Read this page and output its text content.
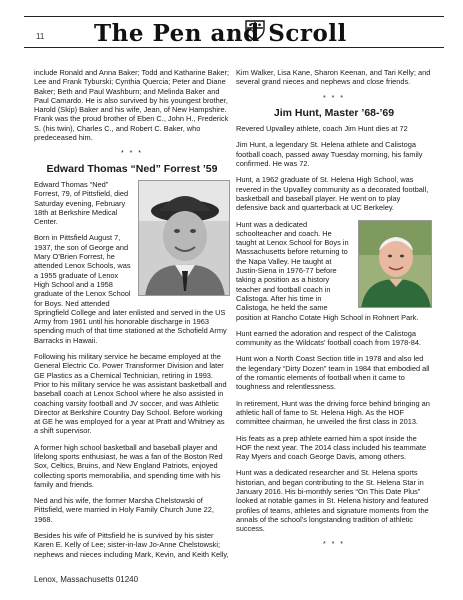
11 The Pen and Scroll

include Ronald and Anna Baker; Todd and Katharine Baker; Lee and Frank Tyburski; Cynthia Quercia; Peter and Diane Baker; Beth and Paul Washburn; and Melinda Baker and Paul Camardo. He is also survived by his youngest brother, Harold (Skip) Baker and his wife, Jean, of New Hampshire. Frank was the proud brother of Eben C., John H., Frederick S. (his twin), Charles C., and Robert C. Baker, who predeceased him.

* * *
Edward Thomas “Ned” Forrest ’59

Edward Thomas “Ned” Forrest, 79, of Pittsfield, died Saturday evening, February 18th at Berkshire Medical Center.

Born in Pittsfield August 7, 1937, the son of George and Mary O’Brien Forrest, he attended Lenox Schools, was a 1955 graduate of Lenox High School and a 1958 graduate of the Lenox School for Boys. Ned attended Springfield College and later enlisted and served in the US Army from 1961 until his honorable discharge in 1963 spending much of that time stationed at the Schofield Army Barracks in Hawaii.

Following his military service he became employed at the General Electric Co. Power Transformer Division and later GE Plastics as a Chemical Technician, retiring in 1993. Prior to his military service he was assistant basketball and baseball coach at Lenox School where he also assisted in coaching varsity football and JV soccer, and was Athletic Director at Berkshire Country Day School. Before working at GE he was employed for a year at Pratt and Whitney as a shift supervisor.

A former high school basketball and baseball player and lifelong sports enthusiast, he was a fan of the Boston Red Sox, Celtics, Bruins, and New England Patriots, enjoyed collecting sports memorabilia, and spending time with his family and friends.

Ned and his wife, the former Marsha Chelstowski of Pittsfield, were married in Holy Family Church June 22, 1968.

Besides his wife of Pittsfield he is survived by his sister Karen E. Kelly of Lee; sister-in-law Jo-Anne Chelstowski; nephews and nieces including Mark, Kevin, and Keith Kelly,

Kim Walker, Lisa Kane, Sharon Keenan, and Tari Kelly; and several grand nieces and nephews and close friends.

* * *
Jim Hunt, Master ’68-’69

Revered Upvalley athlete, coach Jim Hunt dies at 72

Jim Hunt, a legendary St. Helena athlete and Calistoga football coach, passed away Tuesday morning, his family confirmed. He was 72.

Hunt, a 1962 graduate of St. Helena High School, was revered in the Upvalley community as a decorated football, basketball and baseball player. He went on to play defensive back and quarterback at UC Berkeley.

Hunt was a dedicated schoolteacher and coach. He taught at Lenox School for Boys in Massachusetts before returning to the Napa Valley. He taught at Justin-Siena in 1976-77 before taking a position as a history teacher and football coach in Calistoga. After his time in Calistoga, he held the same position at Rancho Cotate High School in Rohnert Park.

Hunt earned the adoration and respect of the Calistoga community as the Wildcats’ football coach from 1978-84.

Hunt won a North Coast Section title in 1978 and also led the legendary “Dirty Dozen” team in 1984 that embodied all of the romantic elements of football when it came to toughness and relentlessness.

In retirement, Hunt was the driving force behind bringing an athletic hall of fame to St. Helena High. As the HOF committee chairman, he unveiled the first class in 2013.

His feats as a prep athlete earned him a spot inside the HOF the next year. The 2014 class included his teammate Ray Myers and coach George Davis, among others.

Hunt was a dedicated researcher and St. Helena sports historian, and began contributing to the St. Helena Star in January 2016. His bi-monthly series “On This Date Plus” looked at notable games in St. Helena history and featured profiles of teams, athletes and signature moments from the annals of the school’s longstanding tradition of athletic success.

* * *
Lenox, Massachusetts 01240
